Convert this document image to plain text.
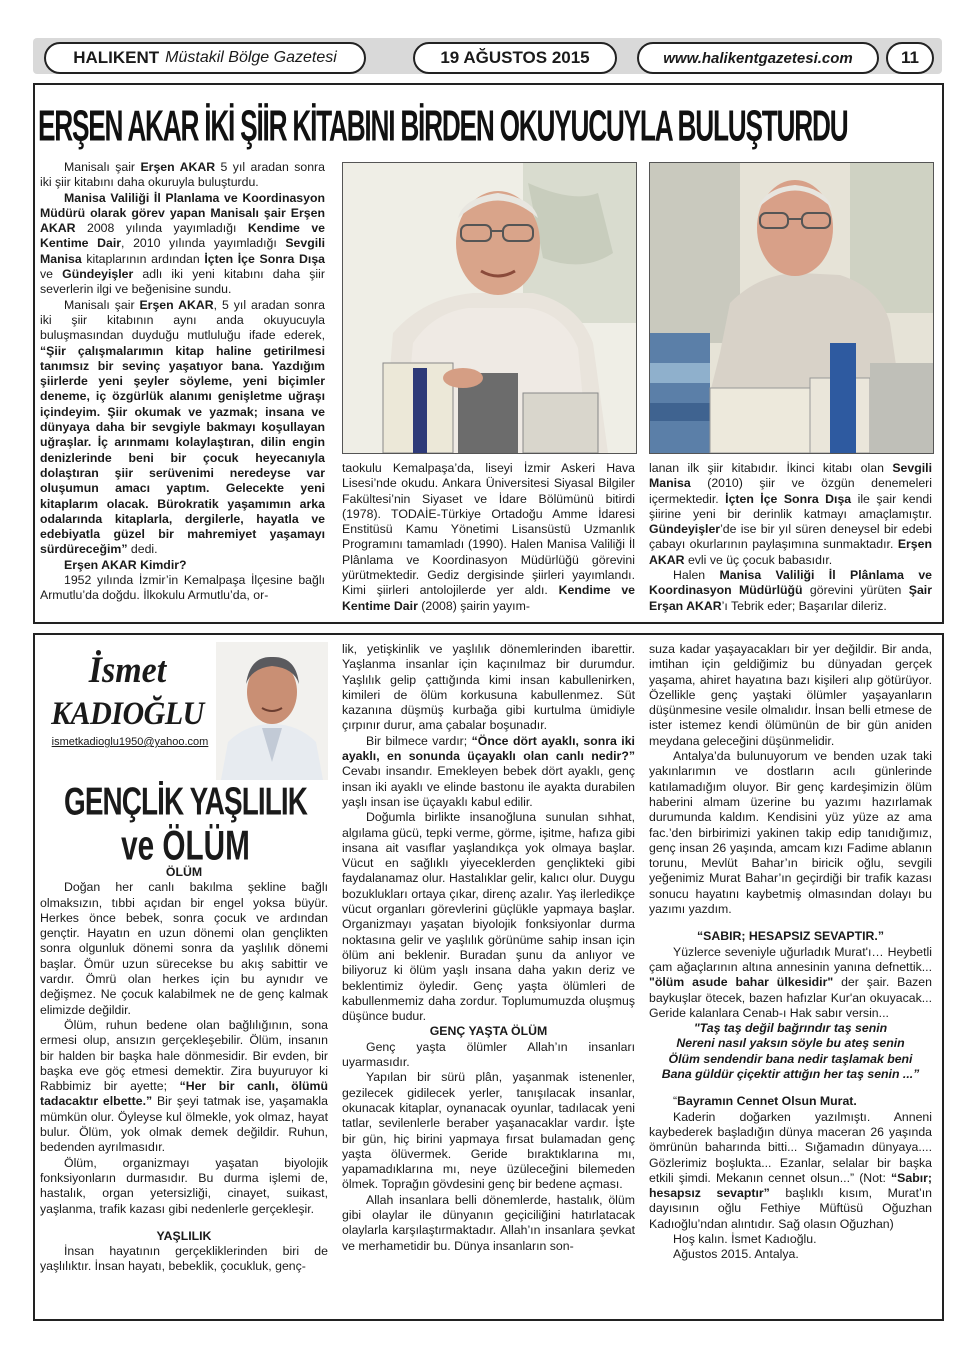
HALIKENT Müstakil Bölge Gazetesi	19 AĞUSTOS 2015	www.halikentgazetesi.com	11
ERŞEN AKAR İKİ ŞİİR KİTABINI BİRDEN OKUYUCUYLA BULUŞTURDU

Manisalı şair Erşen AKAR 5 yıl aradan sonra iki şiir kitabını daha okuruyla buluşturdu.

Manisa Valiliği İl Planlama ve Koordinasyon Müdürü olarak görev yapan Manisalı şair Erşen AKAR 2008 yılında yayımladığı Kendime ve Kentime Dair, 2010 yılında yayımladığı Sevgili Manisa kitaplarının ardından İçten İçe Sonra Dışa ve Gündeyişler adlı iki yeni kitabını daha şiir severlerin ilgi ve beğenisine sundu.

Manisalı şair Erşen AKAR, 5 yıl aradan sonra iki şiir kitabının aynı anda okuyucuyla buluşmasından duyduğu mutluluğu ifade ederek, “Şiir çalışmalarımın kitap haline getirilmesi tanımsız bir sevinç yaşatıyor bana. Yazdığım şiirlerde yeni şeyler söyleme, yeni biçimler deneme, iç özgürlük alanımı genişletme uğraşı içindeyim. Şiir okumak ve yazmak; insana ve dünyaya daha bir sevgiyle bakmayı koşullayan uğraşlar. İç arınmamı kolaylaştıran, dilin engin denizlerinde beni bir çocuk heyecanıyla dolaştıran şiir serüvenimi neredeyse var oluşumun amacı yaptım. Gelecekte yeni kitaplarım olacak. Bürokratik yaşamımın arka odalarında kitaplarla, dergilerle, hayatla ve edebiyatla güzel bir mahremiyet yaşamayı sürdüreceğim” dedi.

Erşen AKAR Kimdir?

1952 yılında İzmir’in Kemalpaşa İlçesine bağlı Armutlu’da doğdu. İlkokulu Armutlu’da, or-

taokulu Kemalpaşa’da, liseyi İzmir Askeri Hava Lisesi’nde okudu. Ankara Üniversitesi Siyasal Bilgiler Fakültesi’nin Siyaset ve İdare Bölümünü bitirdi (1978). TODAİE-Türkiye Ortadoğu Amme İdaresi Enstitüsü Kamu Yönetimi Lisansüstü Uzmanlık Programını tamamladı (1990). Halen Manisa Valiliği İl Plânlama ve Koordinasyon Müdürlüğü görevini yürütmektedir. Gediz dergisinde şiirleri yayımlandı. Kimi şiirleri antolojilerde yer aldı. Kendime ve Kentime Dair (2008) şairin yayım-

lanan ilk şiir kitabıdır. İkinci kitabı olan Sevgili Manisa (2010) şiir ve özgün denemeleri içermektedir. İçten İçe Sonra Dışa ile şair kendi şiirine yeni bir derinlik katmayı amaçlamıştır. Gündeyişler’de ise bir yıl süren deneysel bir edebi çabayı okurlarının paylaşımına sunmaktadır. Erşen AKAR evli ve üç çocuk babasıdır.

Halen Manisa Valiliği İl Plânlama ve Koordinasyon Müdürlüğü görevini yürüten Şair Erşan AKAR’ı Tebrik eder; Başarılar dileriz.

İsmet
KADIOĞLU
ismetkadioglu1950@yahoo.com
GENÇLİK YAŞLILIK
ve ÖLÜM

ÖLÜM

Doğan her canlı bakılma şekline bağlı olmaksızın, tıbbi açıdan bir engel yoksa büyür. Herkes önce bebek, sonra çocuk ve ardından gençtir. Hayatın en uzun dönemi olan gençlikten sonra olgunluk dönemi sonra da yaşlılık dönemi başlar. Ömür uzun sürecekse bu akış sabittir ve vardır. Ömrü olan herkes için bu aynıdır ve değişmez. Ne çocuk kalabilmek ne de genç kalmak elimizde değildir.

Ölüm, ruhun bedene olan bağlılığının, sona ermesi olup, ansızın gerçekleşebilir. Ölüm, insanın bir halden bir başka hale dönmesidir. Bir evden, bir başka eve göç etmesi demektir. Zira buyuruyor ki Rabbimiz bir ayette; “Her bir canlı, ölümü tadacaktır elbette.” Bir şeyi tatmak ise, yaşamakla mümkün olur. Öyleyse kul ölmekle, yok olmaz, hayat bulur. Ölüm, yok olmak demek değildir. Ruhun, bedenden ayrılmasıdır.

Ölüm, organizmayı yaşatan biyolojik fonksiyonların durmasıdır. Bu durma işlemi de, hastalık, organ yetersizliği, cinayet, suikast, yaşlanma, trafik kazası gibi nedenlerle gerçekleşir.

YAŞLILIK

İnsan hayatının gerçekliklerinden biri de yaşlılıktır. İnsan hayatı, bebeklik, çocukluk, genç-

lik, yetişkinlik ve yaşlılık dönemlerinden ibarettir. Yaşlanma insanlar için kaçınılmaz bir durumdur. Yaşlılık gelip çattığında kimi insan kabullenirken, kimileri de ölüm korkusuna kabullenmez. Süt kazanına düşmüş kurbağa gibi kurtulma ümidiyle çırpınır durur, ama çabalar boşunadır.

Bir bilmece vardır; “Önce dört ayaklı, sonra iki ayaklı, en sonunda üçayaklı olan canlı nedir?” Cevabı insandır. Emekleyen bebek dört ayaklı, genç insan iki ayaklı ve elinde bastonu ile ayakta durabilen yaşlı insan ise üçayaklı kabul edilir.

Doğumla birlikte insanoğluna sunulan sıhhat, algılama gücü, tepki verme, görme, işitme, hafıza gibi insana ait vasıflar yaşlandıkça yok olmaya başlar. Vücut en sağlıklı yiyeceklerden gençlikteki gibi faydalanamaz olur. Hastalıklar gelir, kalıcı olur. Duygu bozuklukları ortaya çıkar, direnç azalır. Yaş ilerledikçe vücut organları görevlerini güçlükle yapmaya başlar. Organizmayı yaşatan biyolojik fonksiyonlar durma noktasına gelir ve yaşlılık görünüme sahip insan için ölüm ani beklenir. Buradan şunu da anlıyor ve biliyoruz ki ölüm yaşlı insana daha yakın deriz ve beklentimiz öyledir. Genç yaşta ölümleri de kabullenmemiz daha zordur. Toplumumuzda oluşmuş düşünce budur.

GENÇ YAŞTA ÖLÜM

Genç yaşta ölümler Allah’ın insanları uyarmasıdır.

Yapılan bir sürü plân, yaşanmak istenenler, gezilecek gidilecek yerler, tanışılacak insanlar, okunacak kitaplar, oynanacak oyunlar, tadılacak yeni tatlar, sevilenlerle beraber yaşanacaklar vardır. İşte bir gün, hiç birini yapmaya fırsat bulamadan genç yaşta ölüvermek. Geride bıraktıklarına mı, yapamadıklarına mı, neye üzüleceğini bilemeden ölmek. Toprağın gövdesini genç bir bedene açması.

Allah insanlara belli dönemlerde, hastalık, ölüm gibi olaylar ile dünyanın geçiciliğini hatırlatacak olaylarla karşılaştırmaktadır. Allah’ın insanlara şevkat ve merhametidir bu. Dünya insanların son-

suza kadar yaşayacakları bir yer değildir. Bir anda, imtihan için geldiğimiz bu dünyadan gerçek yaşama, ahiret hayatına bazı kişileri alıp götürüyor. Özellikle genç yaştaki ölümler yaşayanların düşünmesine vesile olmalıdır. İnsan belli etmese de ister istemez kendi ölümünün de bir gün aniden meydana geleceğini düşünmelidir.

Antalya’da bulunuyorum ve benden uzak taki yakınlarımın ve dostların acılı günlerinde katılamadığım oluyor. Bir genç kardeşimizin ölüm haberini almam üzerine bu yazımı hazırlamak durumunda kaldım. Kendisini yüz yüze az ama fac.’den birbirimizi yakinen takip edip tanıdığımız, genç insan 26 yaşında, amcam kızı Fadime ablanın torunu, Mevlüt Bahar’ın biricik oğlu, sevgili yeğenimiz Murat Bahar’ın geçirdiği bir trafik kazası sonucu hayatını kaybetmiş olmasından dolayı bu yazımı yazdım.

“SABIR; HESAPSIZ SEVAPTIR.”

Yüzlerce seveniyle uğurladık Murat'ı… Heybetli çam ağaçlarının altına annesinin yanına defnettik... "ölüm asude bahar ülkesidir" der şair. Bazen baykuşlar ötecek, bazen hafızlar Kur'an okuyacak... Geride kalanlara Cenab-ı Hak sabır versin...

"Taş taş değil bağrındır taş senin

Nereni nasıl yaksın söyle bu ateş senin

Ölüm sendendir bana nedir taşlamak beni

Bana güldür çiçektir attığın her taş senin ...”

“Bayramın Cennet Olsun Murat.

Kaderin doğarken yazılmıştı. Anneni kaybederek başladığın dünya maceran 26 yaşında ömrünün baharında bitti... Sığamadın dünyaya.... Gözlerimiz boşlukta... Ezanlar, selalar bir başka etkili şimdi. Mekanın cennet olsun...” (Not: “Sabır; hesapsız sevaptır” başlıklı kısım, Murat’ın dayısının oğlu Fethiye Müftüsü Oğuzhan Kadıoğlu’ndan alıntıdır. Sağ olasın Oğuzhan)

Hoş kalın. İsmet Kadıoğlu.

Ağustos 2015. Antalya.
